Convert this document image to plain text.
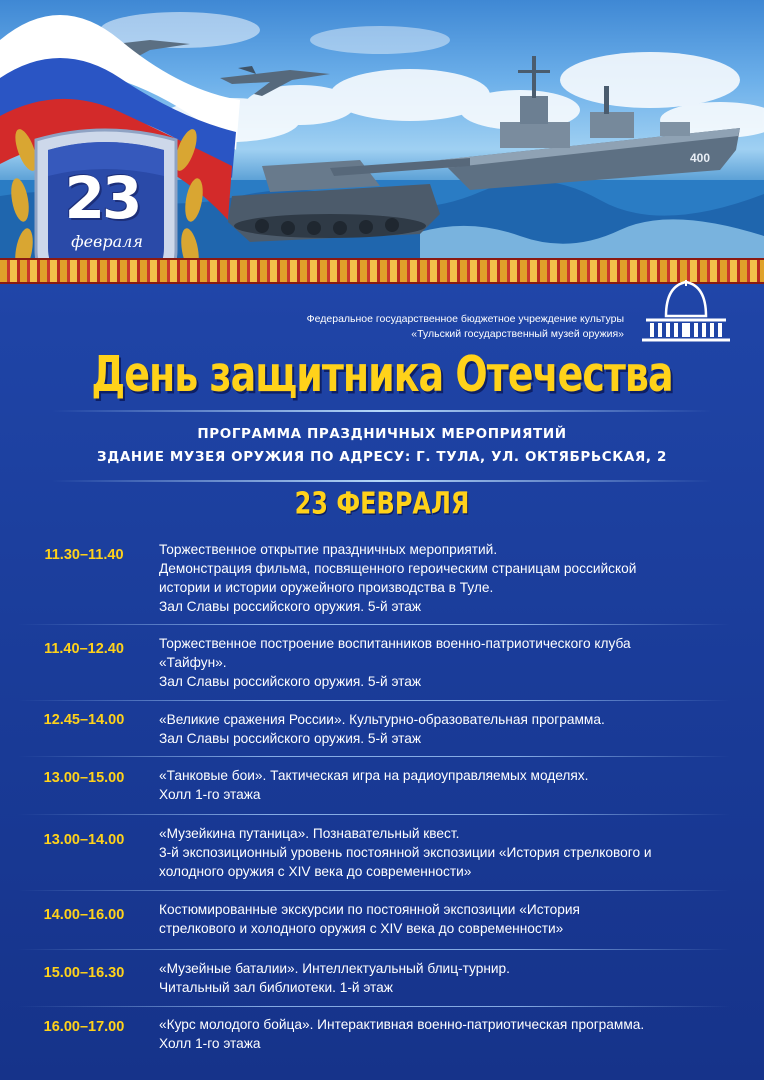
400
23
февраля
Федеральное государственное бюджетное учреждение культуры
«Тульский государственный музей оружия»
День защитника Отечества
ПРОГРАММА ПРАЗДНИЧНЫХ МЕРОПРИЯТИЙ
ЗДАНИЕ МУЗЕЯ ОРУЖИЯ ПО АДРЕСУ: Г. ТУЛА, УЛ. ОКТЯБРЬСКАЯ, 2
23 ФЕВРАЛЯ
11.30–11.40	Торжественное открытие праздничных мероприятий.
Демонстрация фильма, посвященного героическим страницам российской
истории и истории оружейного производства в Туле.
Зал Славы российского оружия. 5-й этаж
11.40–12.40	Торжественное построение воспитанников военно-патриотического клуба
«Тайфун».
Зал Славы российского оружия. 5-й этаж
12.45–14.00	«Великие сражения России». Культурно-образовательная программа.
Зал Славы российского оружия. 5-й этаж
13.00–15.00	«Танковые бои». Тактическая игра на радиоуправляемых моделях.
Холл 1-го этажа
13.00–14.00	«Музейкина путаница». Познавательный квест.
3-й экспозиционный уровень постоянной экспозиции «История стрелкового и
холодного оружия с XIV века до современности»
14.00–16.00	Костюмированные экскурсии по постоянной экспозиции «История
стрелкового и холодного оружия с XIV века до современности»
15.00–16.30	«Музейные баталии». Интеллектуальный блиц-турнир.
Читальный зал библиотеки. 1-й этаж
16.00–17.00	«Курс молодого бойца». Интерактивная военно-патриотическая программа.
Холл 1-го этажа
